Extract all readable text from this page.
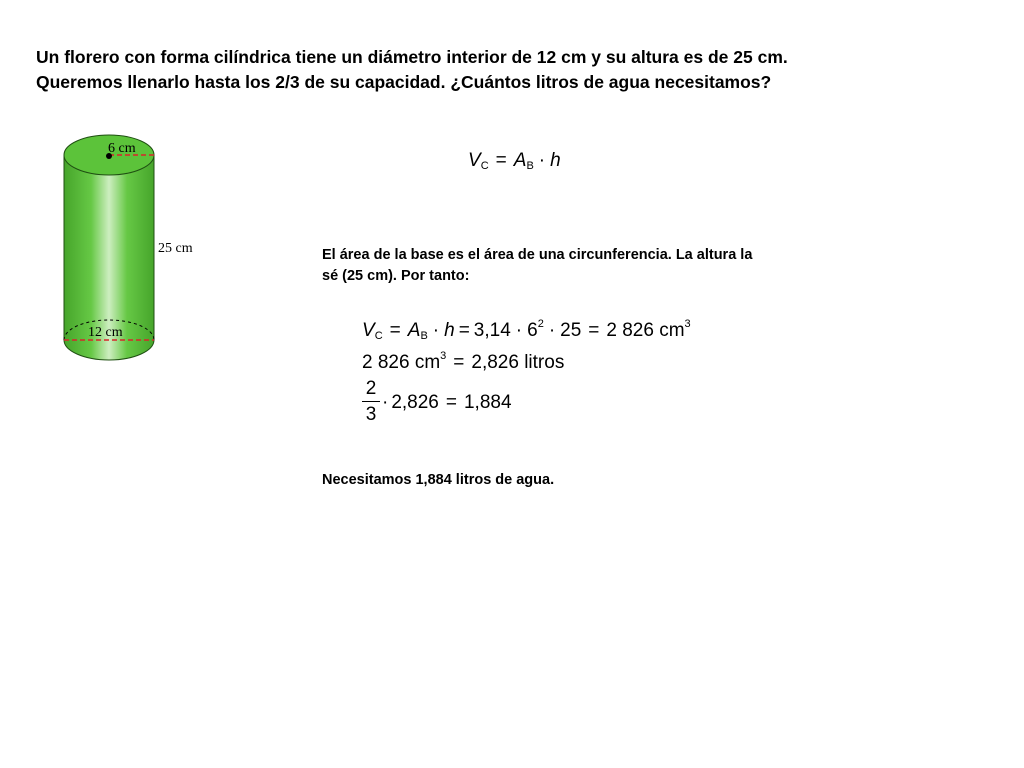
Un florero con forma cilíndrica tiene un diámetro interior de 12 cm y su altura es de 25 cm.
Queremos llenarlo hasta los 2/3 de su capacidad. ¿Cuántos litros de agua necesitamos?
6 cm
12 cm
25 cm
$V_C = A_B \cdot h$
El área de la base es el área de una circunferencia. La altura la
sé (25 cm). Por tanto:
$V_C = A_B \cdot h = 3,14 \cdot 6^2 \cdot 25 = 2$ 826 $cm^3$
2 826 $cm^3 = 2,826$ litros
2
3
· 2,826 = 1,884
Necesitamos 1,884 litros de agua.
